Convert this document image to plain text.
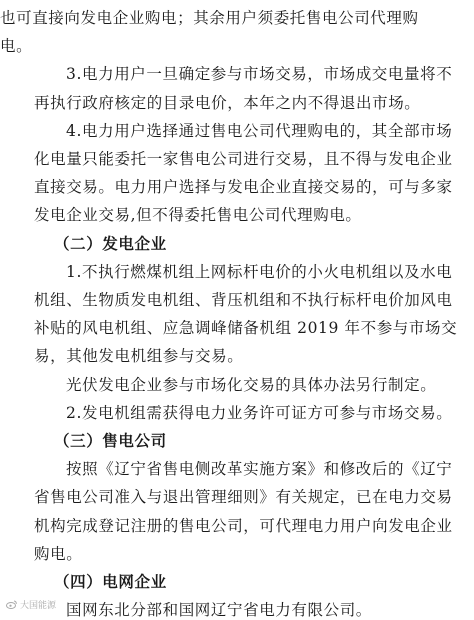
也可直接向发电企业购电；其余用户须委托售电公司代理购
电。
3.电力用户一旦确定参与市场交易，市场成交电量将不
再执行政府核定的目录电价，本年之内不得退出市场。
4.电力用户选择通过售电公司代理购电的，其全部市场
化电量只能委托一家售电公司进行交易，且不得与发电企业
直接交易。电力用户选择与发电企业直接交易的，可与多家
发电企业交易,但不得委托售电公司代理购电。
（二）发电企业
1.不执行燃煤机组上网标杆电价的小火电机组以及水电
机组、生物质发电机组、背压机组和不执行标杆电价加风电
补贴的风电机组、应急调峰储备机组 2019 年不参与市场交
易，其他发电机组参与交易。
光伏发电企业参与市场化交易的具体办法另行制定。
2.发电机组需获得电力业务许可证方可参与市场交易。
（三）售电公司
按照《辽宁省售电侧改革实施方案》和修改后的《辽宁
省售电公司准入与退出管理细则》有关规定，已在电力交易
机构完成登记注册的售电公司，可代理电力用户向发电企业
购电。
（四）电网企业
国网东北分部和国网辽宁省电力有限公司。
大国能源
